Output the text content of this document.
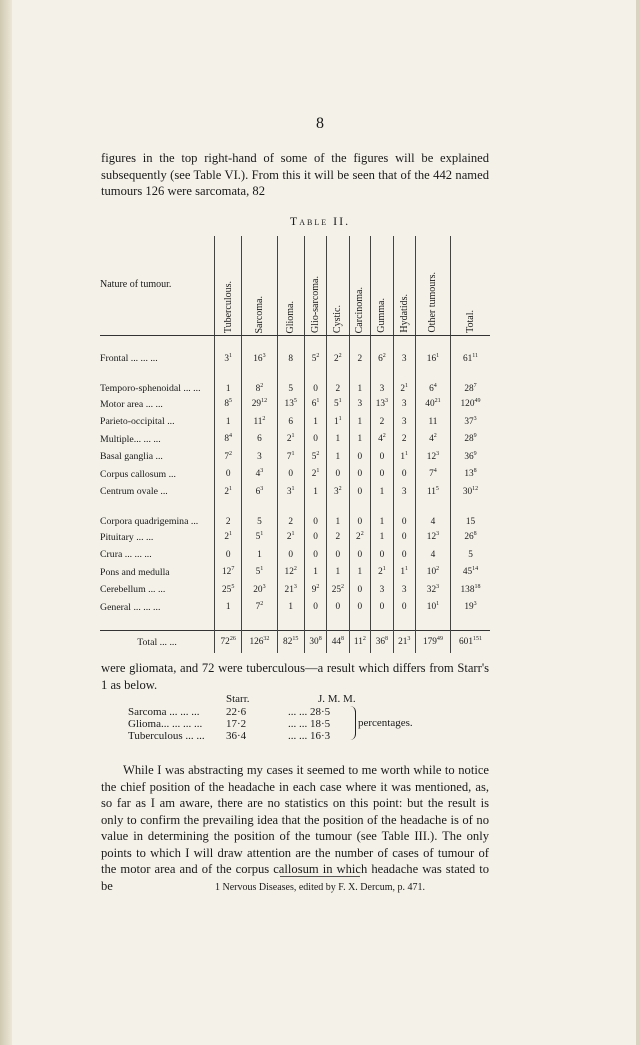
8

figures in the top right-hand of some of the figures will be explained subsequently (see Table VI.). From this it will be seen that of the 442 named tumours 126 were sarcomata, 82

Table II.
Nature of tumour.	Tuberculous.	Sarcoma.	Glioma.	Glio-sarcoma.	Cystic.	Carcinoma.	Gumma.	Hydatids.	Other tumours.	Total.

Frontal ... ... ...	$3^1$	$16^3$	8	$5^2$	$2^2$	2	$6^2$	3	$16^1$	$61^{11}$
Temporo-sphenoidal ... ...	1	$8^2$	5	0	2	1	3	$2^1$	$6^4$	$28^7$
Motor area ... ...	$8^5$	$29^{12}$	$13^5$	$6^1$	$5^1$	3	$13^3$	3	$40^{21}$	$120^{49}$
Parieto-occipital ...	1	$11^2$	6	1	$1^1$	1	2	3	11	$37^3$
Multiple... ... ...	$8^4$	6	$2^1$	0	1	1	$4^2$	2	$4^2$	$28^9$
Basal ganglia ...	$7^2$	3	$7^1$	$5^2$	1	0	0	$1^1$	$12^3$	$36^9$
Corpus callosum ...	0	$4^3$	0	$2^1$	0	0	0	0	$7^4$	$13^8$
Centrum ovale ...	$2^1$	$6^3$	$3^1$	1	$3^2$	0	1	3	$11^5$	$30^{12}$
Corpora quadrigemina ...	2	5	2	0	1	0	1	0	4	15
Pituitary ... ...	$2^1$	$5^1$	$2^1$	0	2	$2^2$	1	0	$12^3$	$26^8$
Crura ... ... ...	0	1	0	0	0	0	0	0	4	5
Pons and medulla	$12^7$	$5^1$	$12^2$	1	1	1	$2^1$	$1^1$	$10^2$	$45^{14}$
Cerebellum ... ...	$25^5$	$20^3$	$21^3$	$9^2$	$25^2$	0	3	3	$32^3$	$138^{18}$
General ... ... ...	1	$7^2$	1	0	0	0	0	0	$10^1$	$19^3$

Total ... ...	$72^{26}$	$126^{32}$	$82^{15}$	$30^8$	$44^8$	$11^2$	$36^8$	$21^3$	$179^{49}$	$601^{151}$

were gliomata, and 72 were tuberculous—a result which differs from Starr's 1 as below.

Starr.	J. M. M.
Sarcoma ... ... ... 22·6	... ... 28·5
Glioma... ... ... ... 17·2	... ... 18·5
Tuberculous ... ... 36·4	... ... 16·3
percentages.

While I was abstracting my cases it seemed to me worth while to notice the chief position of the headache in each case where it was mentioned, as, so far as I am aware, there are no statistics on this point: but the result is only to confirm the prevailing idea that the position of the headache is of no value in determining the position of the tumour (see Table III.). The only points to which I will draw attention are the number of cases of tumour of the motor area and of the corpus callosum in which headache was stated to be	1 Nervous Diseases, edited by F. X. Dercum, p. 471.
